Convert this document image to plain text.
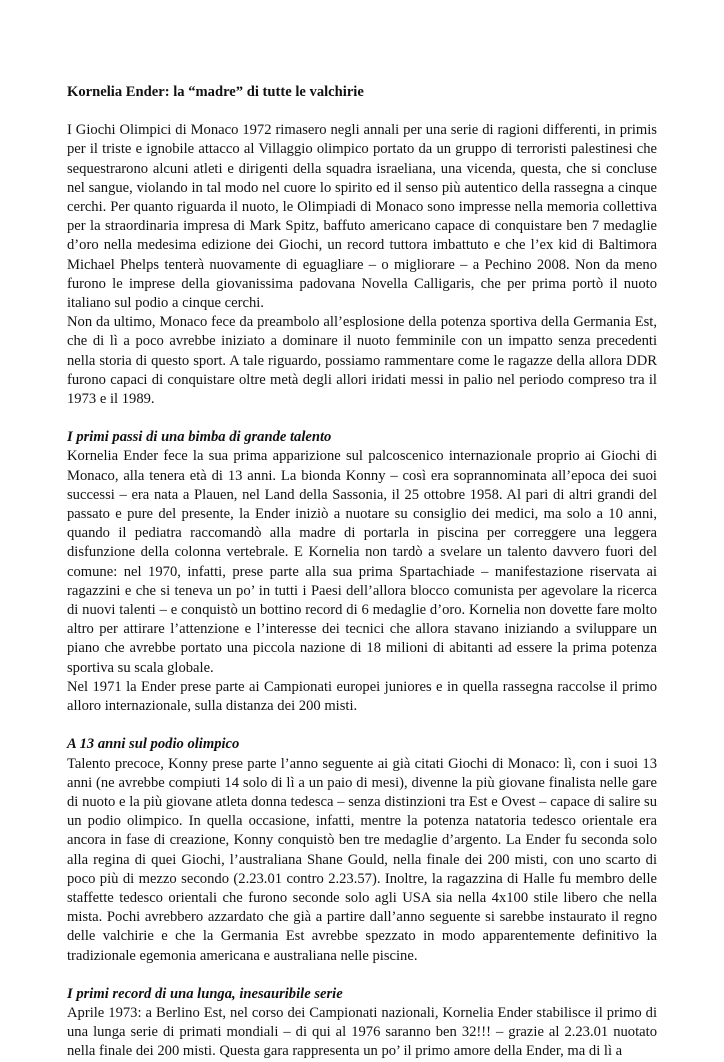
Kornelia Ender: la “madre” di tutte le valchirie

I Giochi Olimpici di Monaco 1972 rimasero negli annali per una serie di ragioni differenti, in primis per il triste e ignobile attacco al Villaggio olimpico portato da un gruppo di terroristi palestinesi che sequestrarono alcuni atleti e dirigenti della squadra israeliana, una vicenda, questa, che si concluse nel sangue, violando in tal modo nel cuore lo spirito ed il senso più autentico della rassegna a cinque cerchi. Per quanto riguarda il nuoto, le Olimpiadi di Monaco sono impresse nella memoria collettiva per la straordinaria impresa di Mark Spitz, baffuto americano capace di conquistare ben 7 medaglie d’oro nella medesima edizione dei Giochi, un record tuttora imbattuto e che l’ex kid di Baltimora Michael Phelps tenterà nuovamente di eguagliare – o migliorare – a Pechino 2008. Non da meno furono le imprese della giovanissima padovana Novella Calligaris, che per prima portò il nuoto italiano sul podio a cinque cerchi.

Non da ultimo, Monaco fece da preambolo all’esplosione della potenza sportiva della Germania Est, che di lì a poco avrebbe iniziato a dominare il nuoto femminile con un impatto senza precedenti nella storia di questo sport. A tale riguardo, possiamo rammentare come le ragazze della allora DDR furono capaci di conquistare oltre metà degli allori iridati messi in palio nel periodo compreso tra il 1973 e il 1989.

I primi passi di una bimba di grande talento

Kornelia Ender fece la sua prima apparizione sul palcoscenico internazionale proprio ai Giochi di Monaco, alla tenera età di 13 anni. La bionda Konny – così era soprannominata all’epoca dei suoi successi – era nata a Plauen, nel Land della Sassonia, il 25 ottobre 1958. Al pari di altri grandi del passato e pure del presente, la Ender iniziò a nuotare su consiglio dei medici, ma solo a 10 anni, quando il pediatra raccomandò alla madre di portarla in piscina per correggere una leggera disfunzione della colonna vertebrale. E Kornelia non tardò a svelare un talento davvero fuori del comune: nel 1970, infatti, prese parte alla sua prima Spartachiade – manifestazione riservata ai ragazzini e che si teneva un po’ in tutti i Paesi dell’allora blocco comunista per agevolare la ricerca di nuovi talenti – e conquistò un bottino record di 6 medaglie d’oro. Kornelia non dovette fare molto altro per attirare l’attenzione e l’interesse dei tecnici che allora stavano iniziando a sviluppare un piano che avrebbe portato una piccola nazione di 18 milioni di abitanti ad essere la prima potenza sportiva su scala globale.

Nel 1971 la Ender prese parte ai Campionati europei juniores e in quella rassegna raccolse il primo alloro internazionale, sulla distanza dei 200 misti.

A 13 anni sul podio olimpico

Talento precoce, Konny prese parte l’anno seguente ai già citati Giochi di Monaco: lì, con i suoi 13 anni (ne avrebbe compiuti 14 solo di lì a un paio di mesi), divenne la più giovane finalista nelle gare di nuoto e la più giovane atleta donna tedesca – senza distinzioni tra Est e Ovest – capace di salire su un podio olimpico. In quella occasione, infatti, mentre la potenza natatoria tedesco orientale era ancora in fase di creazione, Konny conquistò ben tre medaglie d’argento. La Ender fu seconda solo alla regina di quei Giochi, l’australiana Shane Gould, nella finale dei 200 misti, con uno scarto di poco più di mezzo secondo (2.23.01 contro 2.23.57). Inoltre, la ragazzina di Halle fu membro delle staffette tedesco orientali che furono seconde solo agli USA sia nella 4x100 stile libero che nella mista. Pochi avrebbero azzardato che già a partire dall’anno seguente si sarebbe instaurato il regno delle valchirie e che la Germania Est avrebbe spezzato in modo apparentemente definitivo la tradizionale egemonia americana e australiana nelle piscine.

I primi record di una lunga, inesauribile serie

Aprile 1973: a Berlino Est, nel corso dei Campionati nazionali, Kornelia Ender stabilisce il primo di una lunga serie di primati mondiali – di qui al 1976 saranno ben 32!!! – grazie al 2.23.01 nuotato nella finale dei 200 misti. Questa gara rappresenta un po’ il primo amore della Ender, ma di lì a
